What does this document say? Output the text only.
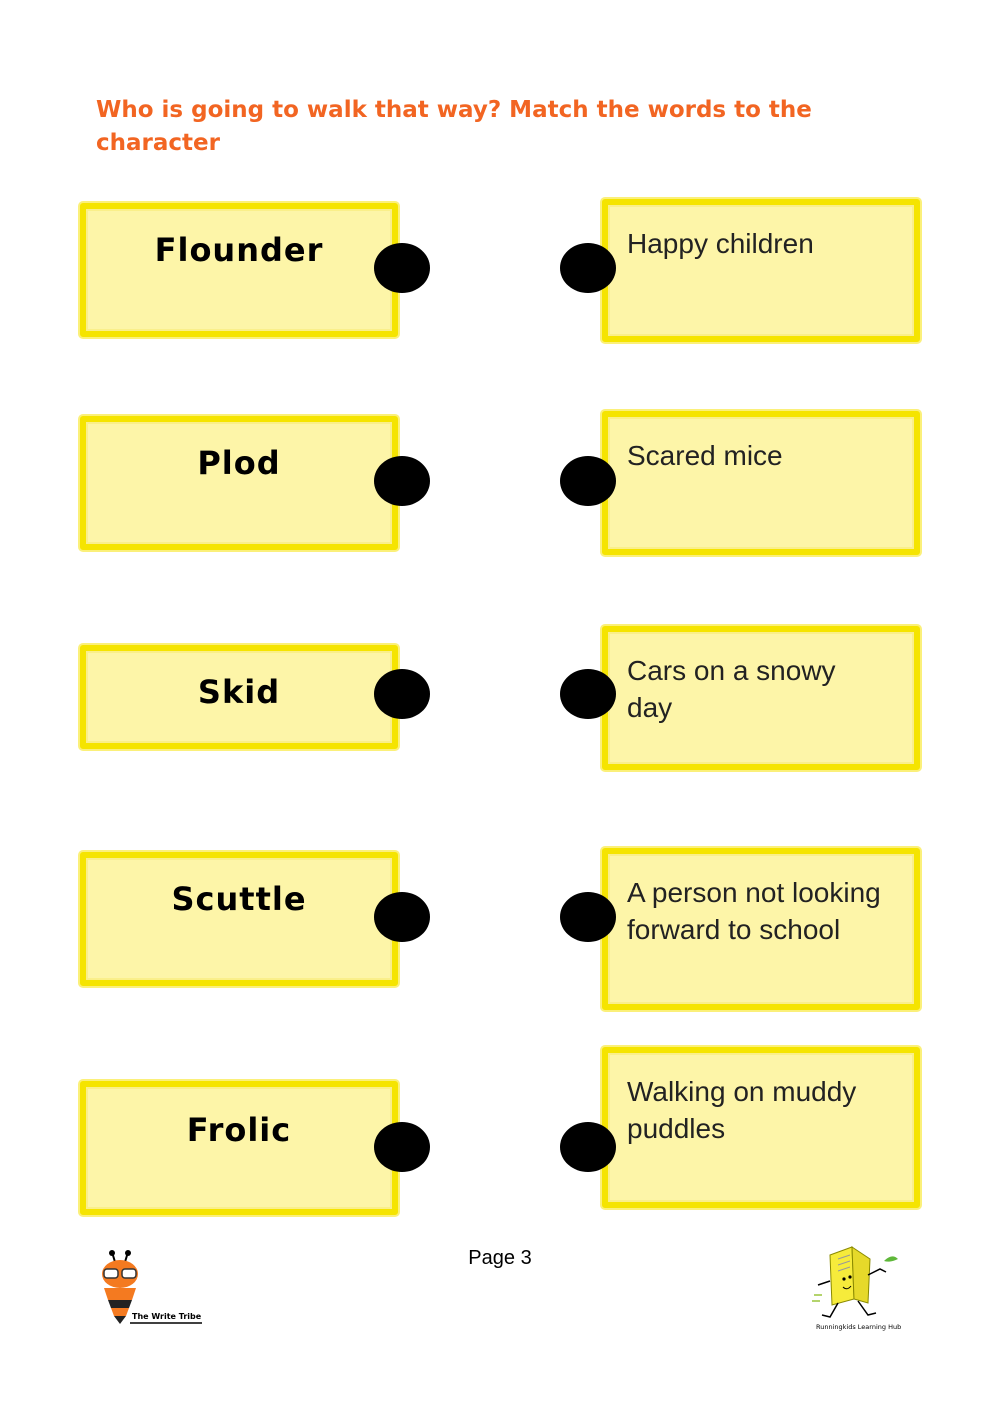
Who is going to walk that way? Match the words to the character
Flounder	Happy children
Plod	Scared mice
Skid
Cars on a snowy day
Scuttle	A person not looking forward to school
Frolic
Walking on muddy puddles
Page 3
The Write Tribe
Runningkids Learning Hub
